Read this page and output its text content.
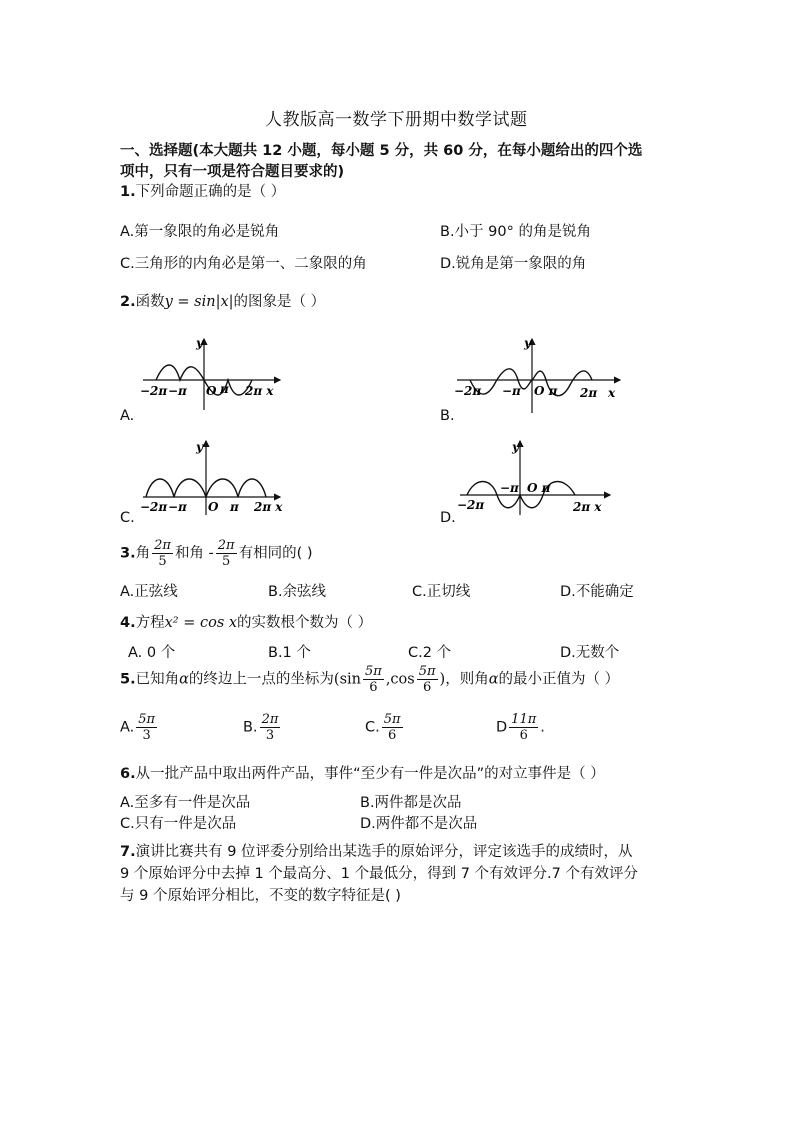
人教版高一数学下册期中数学试题
一、选择题(本大题共 12 小题，每小题 5 分，共 60 分，在每小题给出的四个选
项中，只有一项是符合题目要求的)
1.下列命题正确的是（ ）
A.第一象限的角必是锐角	B.小于 90° 的角是锐角
C.三角形的内角必是第一、二象限的角	D.锐角是第一象限的角
2.函数y = sin|x|的图象是（ ）
y
−2π −π O π 2π x
A.
y
−2π −π O π 2π x
B.
y
−2π −π O π 2π x
C.
y
−2π
−π O π
2π x
D.
3.角 $\frac{2\pi}{5}$ 和角 - $\frac{2\pi}{5}$ 有相同的( )
A.正弦线	B.余弦线	C.正切线	D.不能确定
4.方程x² = cos x的实数根个数为（ ）
A. 0 个	B.1 个	C.2 个	D.无数个
5.已知角α的终边上一点的坐标为($\sin \frac{5\pi}{6} ,\cos \frac{5\pi}{6}$ )，则角α的最小正值为（ ）
A. $\frac{5\pi}{3}$	B. $\frac{2\pi}{3}$	C. $\frac{5\pi}{6}$	D $\frac{11\pi}{6}$ .
6.从一批产品中取出两件产品，事件“至少有一件是次品”的对立事件是（ ）
A.至多有一件是次品	B.两件都是次品
C.只有一件是次品	D.两件都不是次品
7.演讲比赛共有 9 位评委分别给出某选手的原始评分，评定该选手的成绩时，从
9 个原始评分中去掉 1 个最高分、1 个最低分，得到 7 个有效评分.7 个有效评分
与 9 个原始评分相比，不变的数字特征是( )
